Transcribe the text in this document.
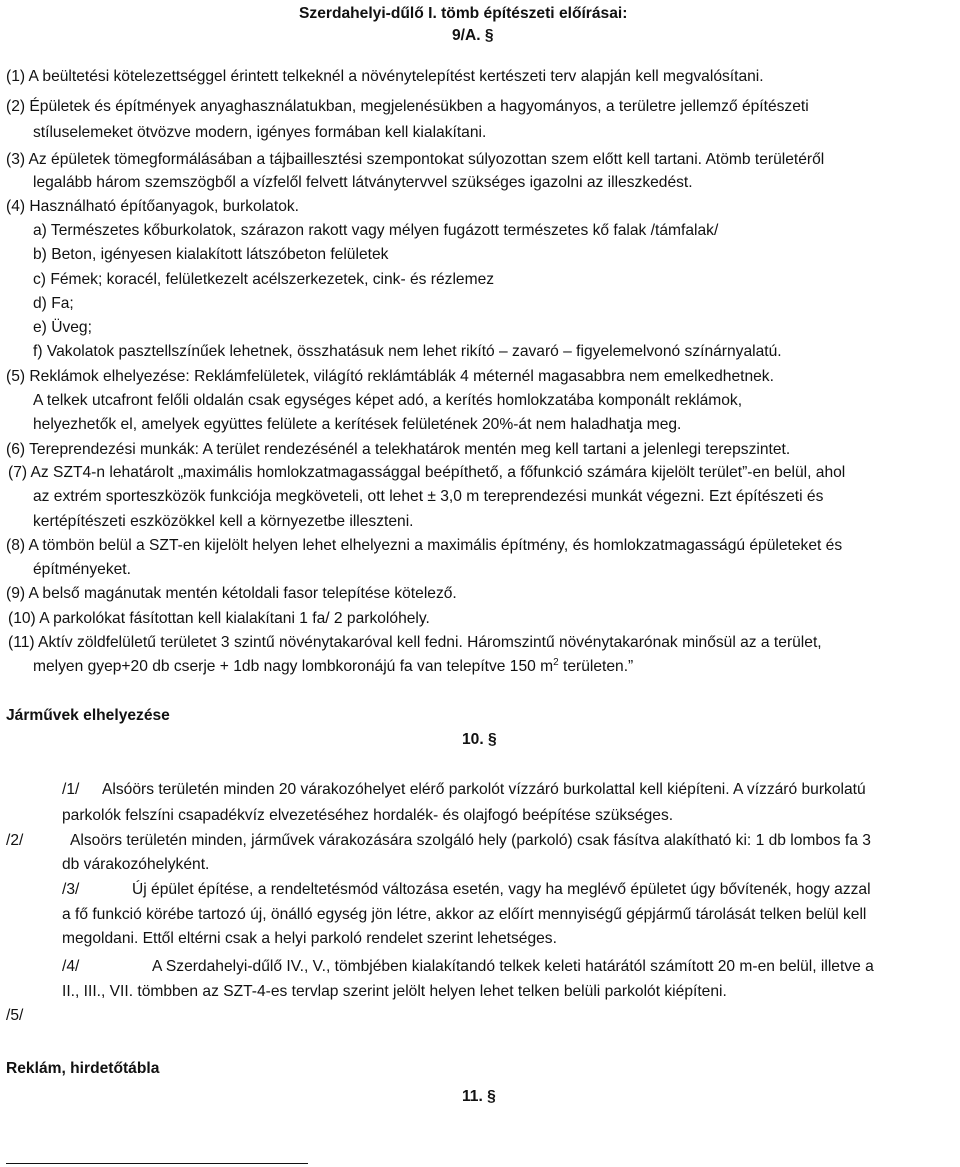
Szerdahelyi-dűlő I. tömb építészeti előírásai:
9/A. §
(1) A beültetési kötelezettséggel érintett telkeknél a növénytelepítést kertészeti terv alapján kell megvalósítani.
(2) Épületek és építmények anyaghasználatukban, megjelenésükben a hagyományos, a területre jellemző építészeti
stíluselemeket ötvözve modern, igényes formában kell kialakítani.
(3) Az épületek tömegformálásában a tájbaillesztési szempontokat súlyozottan szem előtt kell tartani. Atömb területéről
legalább három szemszögből a vízfelől felvett látványtervvel szükséges igazolni az illeszkedést.
(4) Használható építőanyagok, burkolatok.
a) Természetes kőburkolatok, szárazon rakott vagy mélyen fugázott természetes kő falak /támfalak/
b) Beton, igényesen kialakított látszóbeton felületek
c) Fémek; koracél, felületkezelt acélszerkezetek, cink- és rézlemez
d) Fa;
e) Üveg;
f) Vakolatok pasztellszínűek lehetnek, összhatásuk nem lehet rikító – zavaró – figyelemelvonó színárnyalatú.
(5) Reklámok elhelyezése: Reklámfelületek, világító reklámtáblák 4 méternél magasabbra nem emelkedhetnek.
A telkek utcafront felőli oldalán csak egységes képet adó, a kerítés homlokzatába komponált reklámok,
helyezhetők el, amelyek együttes felülete a kerítések felületének 20%-át nem haladhatja meg.
(6) Tereprendezési munkák: A terület rendezésénél a telekhatárok mentén meg kell tartani a jelenlegi terepszintet.
(7) Az SZT4-n lehatárolt „maximális homlokzatmagassággal beépíthető, a főfunkció számára kijelölt terület”-en belül, ahol
az extrém sporteszközök funkciója megköveteli, ott lehet ± 3,0 m tereprendezési munkát végezni. Ezt építészeti és
kertépítészeti eszközökkel kell a környezetbe illeszteni.
(8) A tömbön belül a SZT-en kijelölt helyen lehet elhelyezni a maximális építmény, és homlokzatmagasságú épületeket és
építményeket.
(9) A belső magánutak mentén kétoldali fasor telepítése kötelező.
(10) A parkolókat fásítottan kell kialakítani 1 fa/ 2 parkolóhely.
(11) Aktív zöldfelületű területet 3 szintű növénytakaróval kell fedni. Háromszintű növénytakarónak minősül az a terület,
melyen gyep+20 db cserje + 1db nagy lombkoronájú fa van telepítve 150 $m^2$ területen.”
Járművek elhelyezése
10. §
/1/ Alsóörs területén minden 20 várakozóhelyet elérő parkolót vízzáró burkolattal kell kiépíteni. A vízzáró burkolatú
parkolók felszíni csapadékvíz elvezetéséhez hordalék- és olajfogó beépítése szükséges.
/2/	Alsoörs területén minden, járművek várakozására szolgáló hely (parkoló) csak fásítva alakítható ki: 1 db lombos fa 3
db várakozóhelyként.
/3/	Új épület építése, a rendeltetésmód változása esetén, vagy ha meglévő épületet úgy bővítenék, hogy azzal
a fő funkció körébe tartozó új, önálló egység jön létre, akkor az előírt mennyiségű gépjármű tárolását telken belül kell
megoldani. Ettől eltérni csak a helyi parkoló rendelet szerint lehetséges.
/4/	A Szerdahelyi-dűlő IV., V., tömbjében kialakítandó telkek keleti határától számított 20 m-en belül, illetve a
II., III., VII. tömbben az SZT-4-es tervlap szerint jelölt helyen lehet telken belüli parkolót kiépíteni.
/5/
Reklám, hirdetőtábla
11. §
